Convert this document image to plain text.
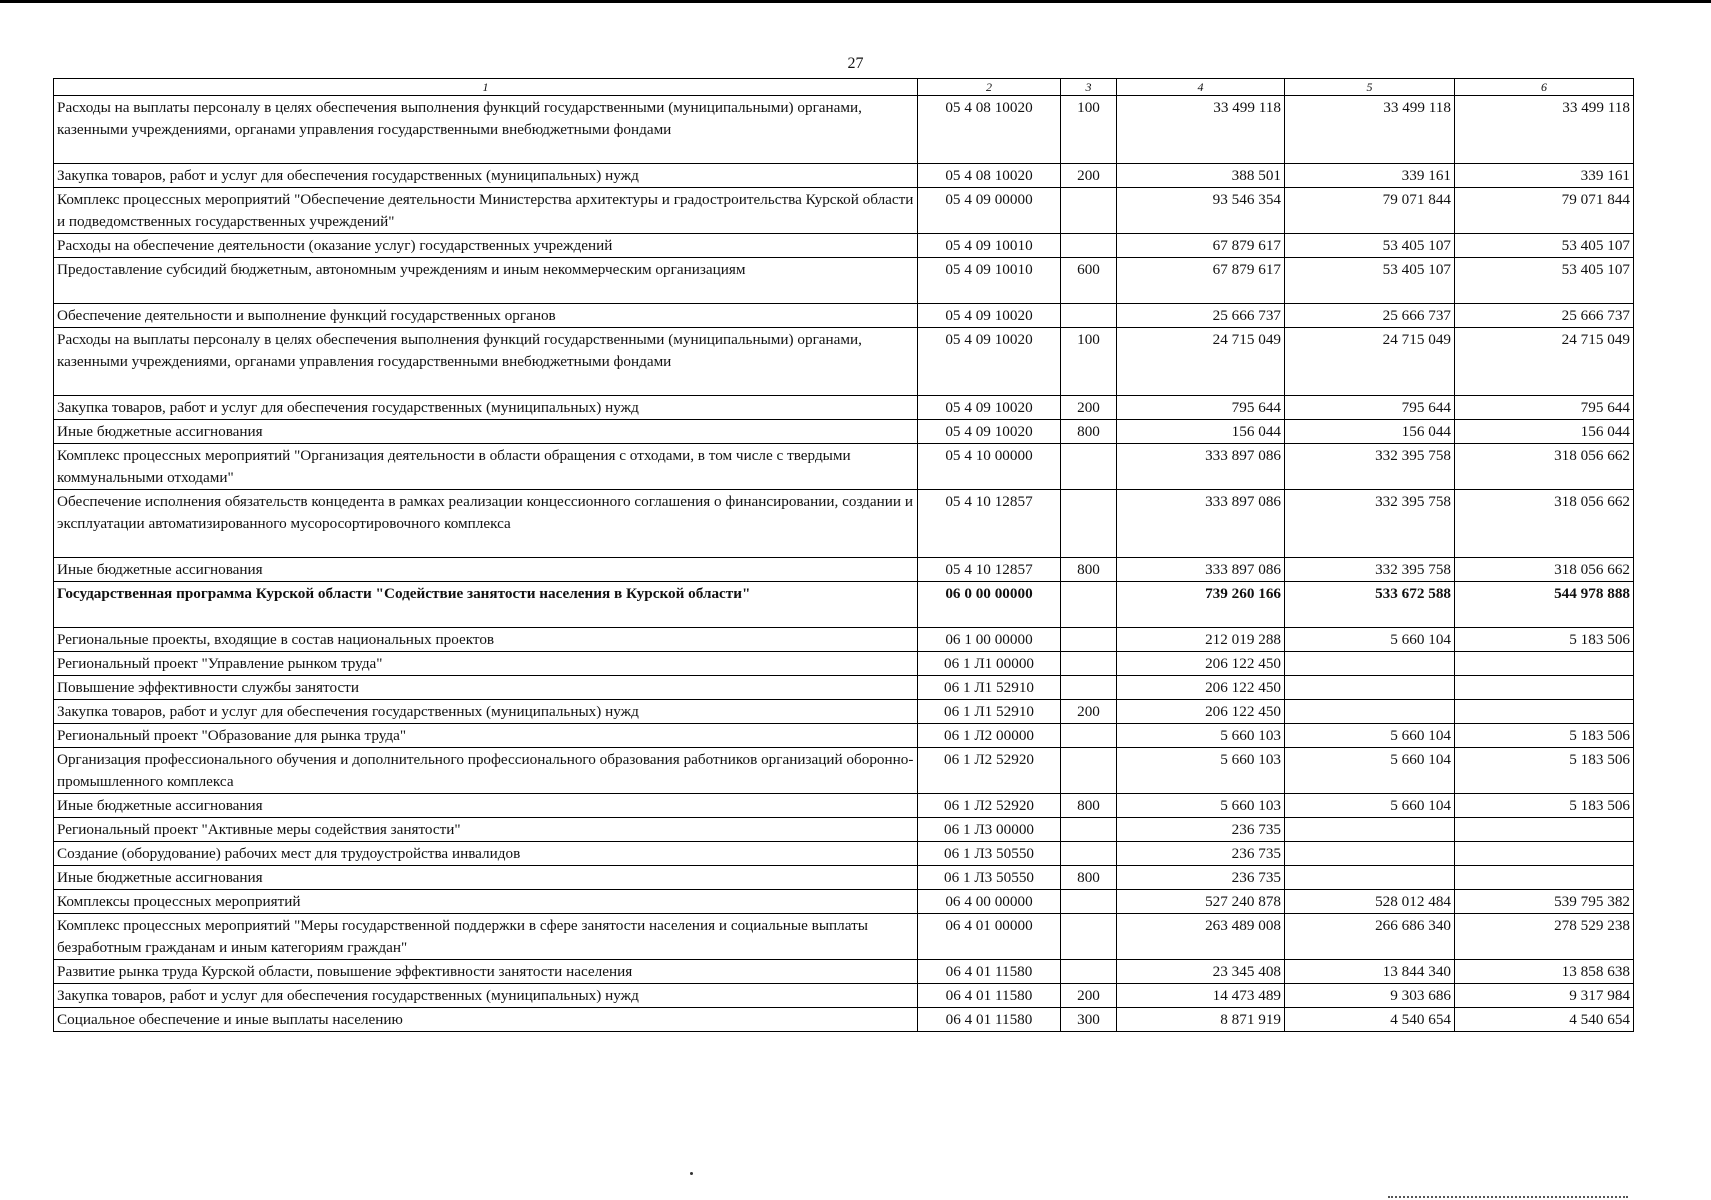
27
1	2	3	4	5	6
Расходы на выплаты персоналу в целях обеспечения выполнения функций государственными (муниципальными) органами, казенными учреждениями, органами управления государственными внебюджетными фондами	05 4 08 10020	100	33 499 118	33 499 118	33 499 118
Закупка товаров, работ и услуг для обеспечения государственных (муниципальных) нужд	05 4 08 10020	200	388 501	339 161	339 161
Комплекс процессных мероприятий "Обеспечение деятельности Министерства архитектуры и градостроительства Курской области и подведомственных государственных учреждений"	05 4 09 00000		93 546 354	79 071 844	79 071 844
Расходы на обеспечение деятельности (оказание услуг) государственных учреждений	05 4 09 10010		67 879 617	53 405 107	53 405 107
Предоставление субсидий бюджетным, автономным учреждениям и иным некоммерческим организациям	05 4 09 10010	600	67 879 617	53 405 107	53 405 107
Обеспечение деятельности и выполнение функций государственных органов	05 4 09 10020		25 666 737	25 666 737	25 666 737
Расходы на выплаты персоналу в целях обеспечения выполнения функций государственными (муниципальными) органами, казенными учреждениями, органами управления государственными внебюджетными фондами	05 4 09 10020	100	24 715 049	24 715 049	24 715 049
Закупка товаров, работ и услуг для обеспечения государственных (муниципальных) нужд	05 4 09 10020	200	795 644	795 644	795 644
Иные бюджетные ассигнования	05 4 09 10020	800	156 044	156 044	156 044
Комплекс процессных мероприятий "Организация деятельности в области обращения с отходами, в том числе с твердыми коммунальными отходами"	05 4 10 00000		333 897 086	332 395 758	318 056 662
Обеспечение исполнения обязательств концедента в рамках реализации концессионного соглашения о финансировании, создании и эксплуатации автоматизированного мусоросортировочного комплекса	05 4 10 12857		333 897 086	332 395 758	318 056 662
Иные бюджетные ассигнования	05 4 10 12857	800	333 897 086	332 395 758	318 056 662
Государственная программа Курской области "Содействие занятости населения в Курской области"	06 0 00 00000		739 260 166	533 672 588	544 978 888
Региональные проекты, входящие в состав национальных проектов	06 1 00 00000		212 019 288	5 660 104	5 183 506
Региональный проект "Управление рынком труда"	06 1 Л1 00000		206 122 450		
Повышение эффективности службы занятости	06 1 Л1 52910		206 122 450		
Закупка товаров, работ и услуг для обеспечения государственных (муниципальных) нужд	06 1 Л1 52910	200	206 122 450		
Региональный проект "Образование для рынка труда"	06 1 Л2 00000		5 660 103	5 660 104	5 183 506
Организация профессионального обучения и дополнительного профессионального образования работников организаций оборонно-промышленного комплекса	06 1 Л2 52920		5 660 103	5 660 104	5 183 506
Иные бюджетные ассигнования	06 1 Л2 52920	800	5 660 103	5 660 104	5 183 506
Региональный проект "Активные меры содействия занятости"	06 1 Л3 00000		236 735		
Создание (оборудование) рабочих мест для трудоустройства инвалидов	06 1 Л3 50550		236 735		
Иные бюджетные ассигнования	06 1 Л3 50550	800	236 735		
Комплексы процессных мероприятий	06 4 00 00000		527 240 878	528 012 484	539 795 382
Комплекс процессных мероприятий "Меры государственной поддержки в сфере занятости населения и социальные выплаты безработным гражданам и иным категориям граждан"	06 4 01 00000		263 489 008	266 686 340	278 529 238
Развитие рынка труда Курской области, повышение эффективности занятости населения	06 4 01 11580		23 345 408	13 844 340	13 858 638
Закупка товаров, работ и услуг для обеспечения государственных (муниципальных) нужд	06 4 01 11580	200	14 473 489	9 303 686	9 317 984
Социальное обеспечение и иные выплаты населению	06 4 01 11580	300	8 871 919	4 540 654	4 540 654
